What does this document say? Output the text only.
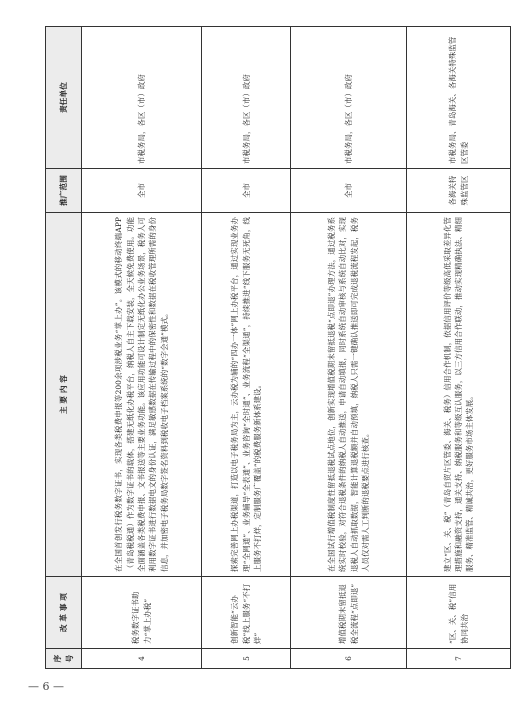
— 6 —
序号	改 革 事 项	主 要 内 容	推广范围	责任单位
4	税务数字证书助力“掌上办税”	在全国首创发行税务数字证书，实现各类税费申报等200余项涉税业务“掌上办”。该模式的移动终端APP（青岛税税通）作为数字证书的载体，搭建无纸化办税平台，纳税人自主下载安装，全天候免费使用。功能全面涵盖各类税费申报、文书报送等主要业务功能。该应用功能可设计制定无纸化办公业务场景，税务人可利用数字证书进行数据电文的身份认证，满足敏感数据在传输过程中的保密性和数据在税收管理所需的身份信息，并加密电子税务局数字签名资料到税收电子档案系统的“数字会通”模式。	全市	市税务局，各区（市）政府
5	创新智能“云办税”线上服务“不打烊”	探索完善网上办税渠道，打造以电子税务局为主，云办税为辅的“四办一体”网上办税平台，通过实现业务办理“全网通”、业务辅导“全表通”、业务咨询“全时通”、业务流程“全渠通”，持续推进“线下服务无死角，线上服务不打烊，定制服务广覆盖”的税费服务新体系建设。	全市	市税务局，各区（市）政府
6	增值税期末留抵退税全流程“点即退”	在全国试行增值税制度性留抵退税试点地位，创新实现增值税期末留抵退税“点即退”办理方法，通过税务系统实时校验，对符合退税条件的纳税人自动推送，申请自动填报，同时系统自动审核与系统自动比对，实现退税人自动抓取数据，智能计算退税额并自动预填，纳税人只需一键确认推送即可完成退税流程发起，税务人员仅对需人工判断的退税要点进行核查。	全市	市税务局，各区（市）政府
7	“区、关、税”信用协同共治	建立“区、关、税”（青岛自贸片区管委、海关、税务）信用合作机制，依据信用评价等级高低采取差异化管理措施和融资支持，通关支持、纳税服务和等级互认服务，以三方信用合作联动，推动实现精确执法、精细服务、精准监管、精诚共治，更好服务市场主体发展。	各海关特殊监管区	市税务局、青岛海关、各海关特殊监管区管委
